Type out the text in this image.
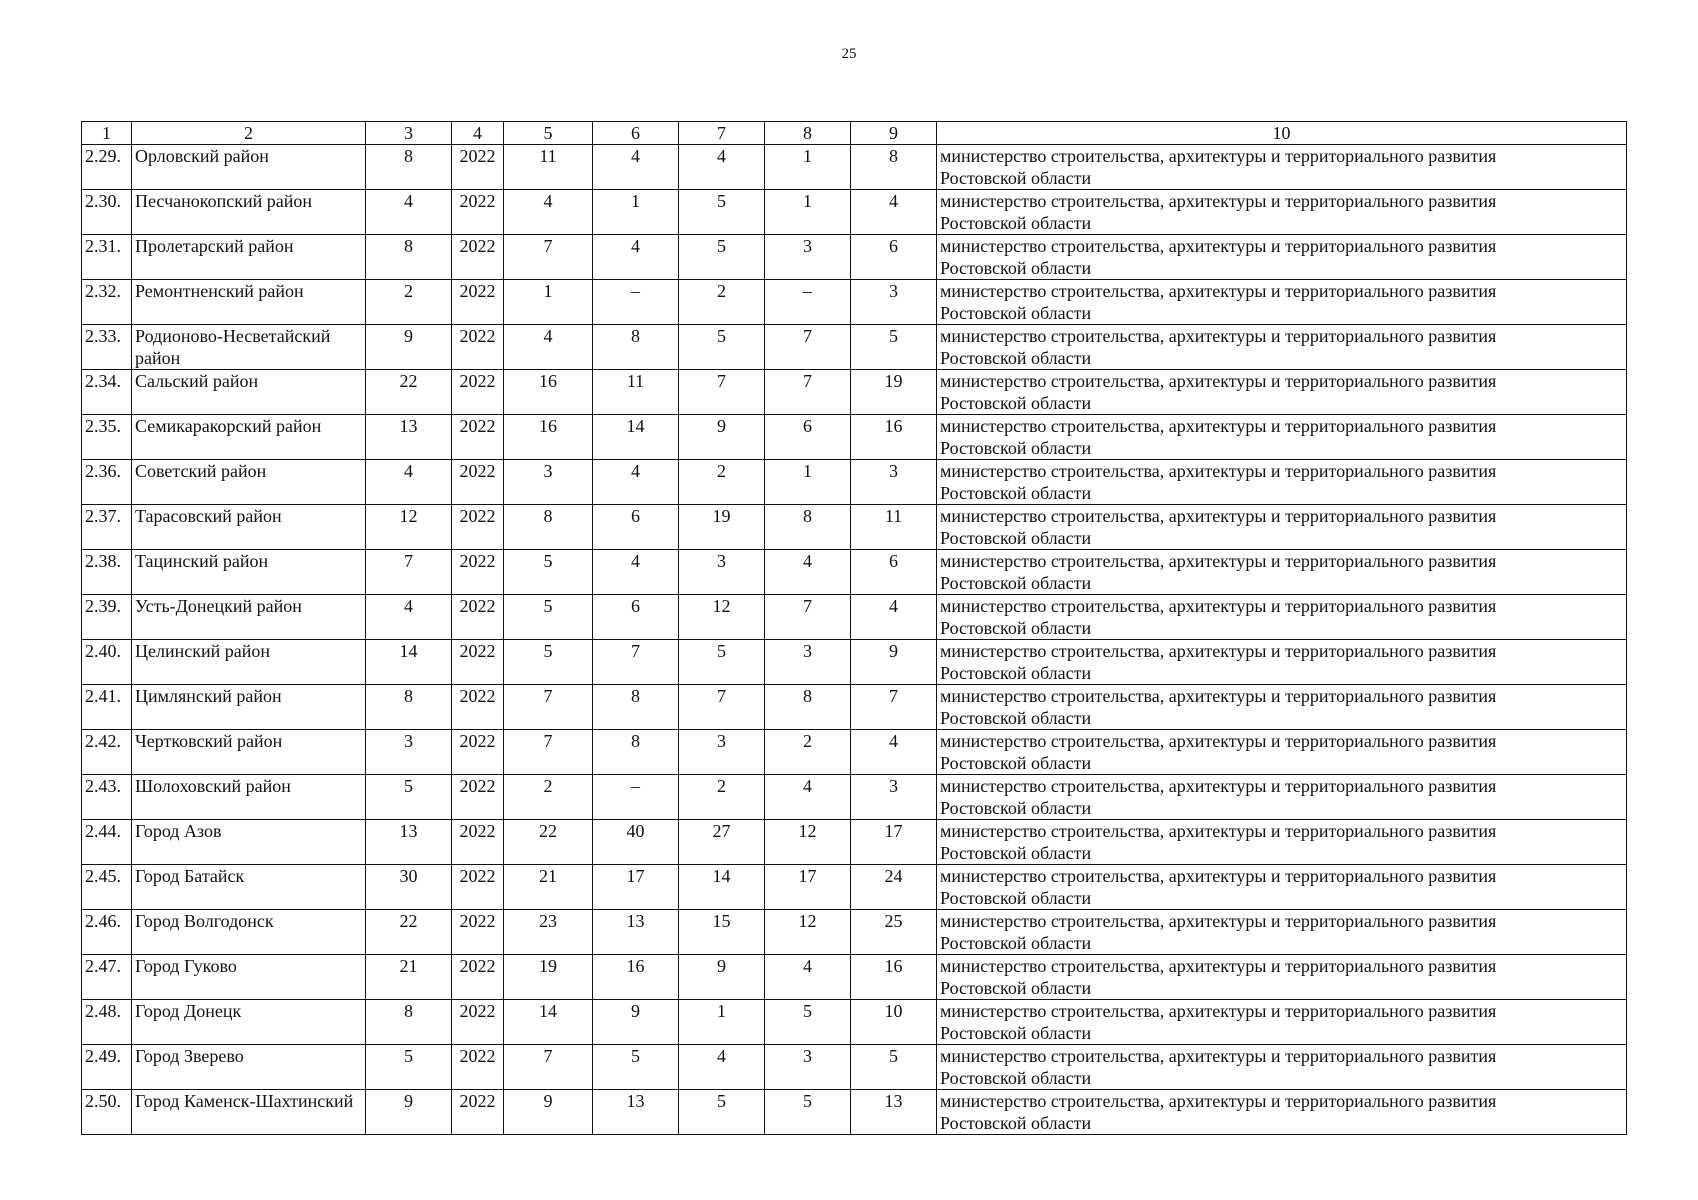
25
1	2	3	4	5	6	7	8	9	10
2.29.	Орловский район	8	2022	11	4	4	1	8	министерство строительства, архитектуры и территориального развития
Ростовской области

2.30.	Песчанокопский район	4	2022	4	1	5	1	4	министерство строительства, архитектуры и территориального развития
Ростовской области

2.31.	Пролетарский район	8	2022	7	4	5	3	6	министерство строительства, архитектуры и территориального развития
Ростовской области

2.32.	Ремонтненский район	2	2022	1	–	2	–	3	министерство строительства, архитектуры и территориального развития
Ростовской области

2.33.	Родионово-Несветайский район	9	2022	4	8	5	7	5	министерство строительства, архитектуры и территориального развития
Ростовской области

2.34.	Сальский район	22	2022	16	11	7	7	19	министерство строительства, архитектуры и территориального развития
Ростовской области

2.35.	Семикаракорский район	13	2022	16	14	9	6	16	министерство строительства, архитектуры и территориального развития
Ростовской области

2.36.	Советский район	4	2022	3	4	2	1	3	министерство строительства, архитектуры и территориального развития
Ростовской области

2.37.	Тарасовский район	12	2022	8	6	19	8	11	министерство строительства, архитектуры и территориального развития
Ростовской области

2.38.	Тацинский район	7	2022	5	4	3	4	6	министерство строительства, архитектуры и территориального развития
Ростовской области

2.39.	Усть-Донецкий район	4	2022	5	6	12	7	4	министерство строительства, архитектуры и территориального развития
Ростовской области

2.40.	Целинский район	14	2022	5	7	5	3	9	министерство строительства, архитектуры и территориального развития
Ростовской области

2.41.	Цимлянский район	8	2022	7	8	7	8	7	министерство строительства, архитектуры и территориального развития
Ростовской области

2.42.	Чертковский район	3	2022	7	8	3	2	4	министерство строительства, архитектуры и территориального развития
Ростовской области

2.43.	Шолоховский район	5	2022	2	–	2	4	3	министерство строительства, архитектуры и территориального развития
Ростовской области

2.44.	Город Азов	13	2022	22	40	27	12	17	министерство строительства, архитектуры и территориального развития
Ростовской области

2.45.	Город Батайск	30	2022	21	17	14	17	24	министерство строительства, архитектуры и территориального развития
Ростовской области

2.46.	Город Волгодонск	22	2022	23	13	15	12	25	министерство строительства, архитектуры и территориального развития
Ростовской области

2.47.	Город Гуково	21	2022	19	16	9	4	16	министерство строительства, архитектуры и территориального развития
Ростовской области

2.48.	Город Донецк	8	2022	14	9	1	5	10	министерство строительства, архитектуры и территориального развития
Ростовской области

2.49.	Город Зверево	5	2022	7	5	4	3	5	министерство строительства, архитектуры и территориального развития
Ростовской области

2.50.	Город Каменск-Шахтинский	9	2022	9	13	5	5	13	министерство строительства, архитектуры и территориального развития
Ростовской области
